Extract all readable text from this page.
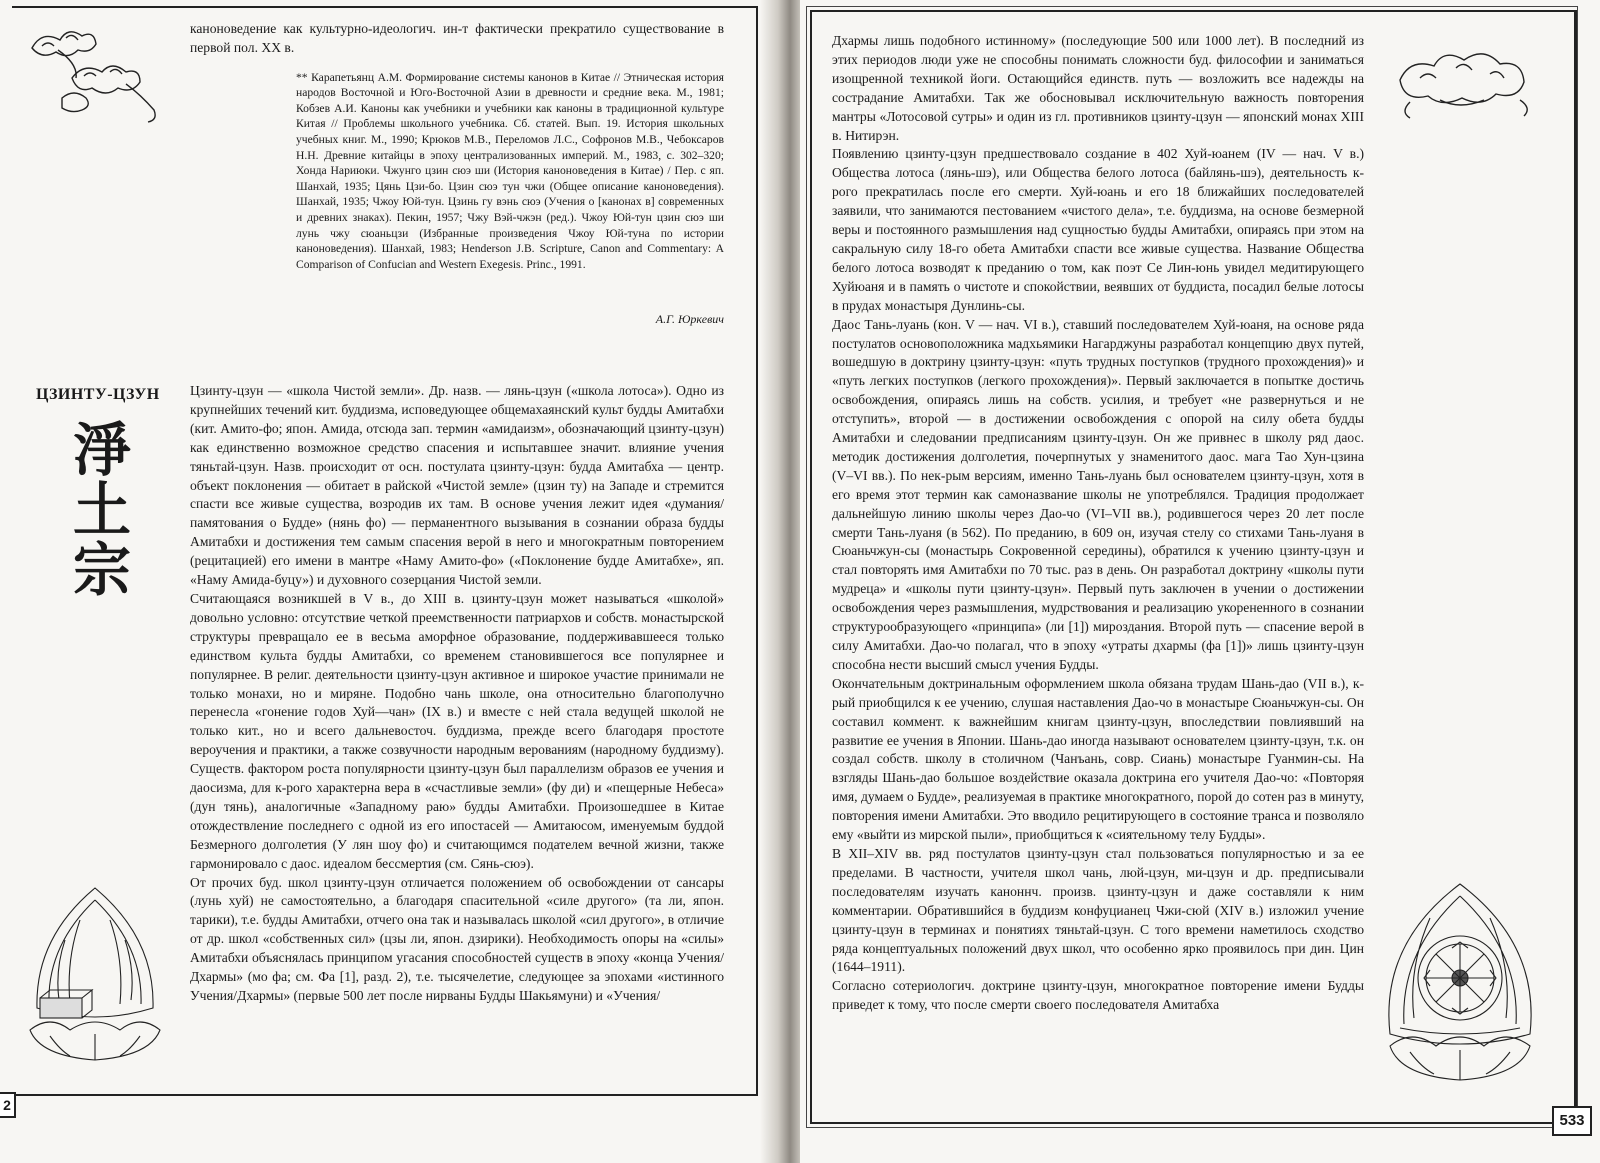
каноноведение как культурно-идеологич. ин-т фактически прекратило существование в первой пол. XX в.

** Карапетьянц А.М. Формирование системы канонов в Китае // Этническая история народов Восточной и Юго-Восточной Азии в древности и средние века. М., 1981; Кобзев А.И. Каноны как учебники и учебники как каноны в традиционной культуре Китая // Проблемы школьного учебника. Сб. статей. Вып. 19. История школьных учебных книг. М., 1990; Крюков М.В., Переломов Л.С., Софронов М.В., Чебоксаров Н.Н. Древние китайцы в эпоху централизованных империй. М., 1983, с. 302–320; Хонда Нариюки. Чжунго цзин сюэ ши (История каноноведения в Китае) / Пер. с яп. Шанхай, 1935; Цянь Цзи-бо. Цзин сюэ тун чжи (Общее описание каноноведения). Шанхай, 1935; Чжоу Юй-тун. Цзинь гу вэнь сюэ (Учения о [канонах в] современных и древних знаках). Пекин, 1957; Чжу Вэй-чжэн (ред.). Чжоу Юй-тун цзин сюэ ши лунь чжу сюаньцзи (Избранные произведения Чжоу Юй-туна по истории каноноведения). Шанхай, 1983; Henderson J.B. Scripture, Canon and Commentary: A Comparison of Confucian and Western Exegesis. Princ., 1991.

А.Г. Юркевич
ЦЗИНТУ-ЦЗУН
淨
土
宗

Цзинту-цзун — «школа Чистой земли». Др. назв. — лянь-цзун («школа лотоса»). Одно из крупнейших течений кит. буддизма, исповедующее общемахаянский культ будды Амитабхи (кит. Амито-фо; япон. Амида, отсюда зап. термин «амидаизм», обозначающий цзинту-цзун) как единственно возможное средство спасения и испытавшее значит. влияние учения тяньтай-цзун. Назв. происходит от осн. постулата цзинту-цзун: будда Амитабха — центр. объект поклонения — обитает в райской «Чистой земле» (цзин ту) на Западе и стремится спасти все живые существа, возродив их там. В основе учения лежит идея «думания/памятования о Будде» (нянь фо) — перманентного вызывания в сознании образа будды Амитабхи и достижения тем самым спасения верой в него и многократным повторением (рецитацией) его имени в мантре «Наму Амито-фо» («Поклонение будде Амитабхе», яп. «Наму Амида-буцу») и духовного созерцания Чистой земли.

Считающаяся возникшей в V в., до XIII в. цзинту-цзун может называться «школой» довольно условно: отсутствие четкой преемственности патриархов и собств. монастырской структуры превращало ее в весьма аморфное образование, поддерживавшееся только единством культа будды Амитабхи, со временем становившегося все популярнее и популярнее. В религ. деятельности цзинту-цзун активное и широкое участие принимали не только монахи, но и миряне. Подобно чань школе, она относительно благополучно перенесла «гонение годов Хуй—чан» (IX в.) и вместе с ней стала ведущей школой не только кит., но и всего дальневосточ. буддизма, прежде всего благодаря простоте вероучения и практики, а также созвучности народным верованиям (народному буддизму). Существ. фактором роста популярности цзинту-цзун был параллелизм образов ее учения и даосизма, для к-рого характерна вера в «счастливые земли» (фу ди) и «пещерные Небеса» (дун тянь), аналогичные «Западному раю» будды Амитабхи. Произошедшее в Китае отождествление последнего с одной из его ипостасей — Амитаюсом, именуемым буддой Безмерного долголетия (У лян шоу фо) и считающимся подателем вечной жизни, также гармонировало с даос. идеалом бессмертия (см. Сянь-сюэ).

От прочих буд. школ цзинту-цзун отличается положением об освобождении от сансары (лунь хуй) не самостоятельно, а благодаря спасительной «силе другого» (та ли, япон. тарики), т.е. будды Амитабхи, отчего она так и называлась школой «сил другого», в отличие от др. школ «собственных сил» (цзы ли, япон. дзирики). Необходимость опоры на «силы» Амитабхи объяснялась принципом угасания способностей существ в эпоху «конца Учения/Дхармы» (мо фа; см. Фа [1], разд. 2), т.е. тысячелетие, следующее за эпохами «истинного Учения/Дхармы» (первые 500 лет после нирваны Будды Шакьямуни) и «Учения/

2

Дхармы лишь подобного истинному» (последующие 500 или 1000 лет). В последний из этих периодов люди уже не способны понимать сложности буд. философии и заниматься изощренной техникой йоги. Остающийся единств. путь — возложить все надежды на сострадание Амитабхи. Так же обосновывал исключительную важность повторения мантры «Лотосовой сутры» и один из гл. противников цзинту-цзун — японский монах XIII в. Нитирэн.

Появлению цзинту-цзун предшествовало создание в 402 Хуй-юанем (IV — нач. V в.) Общества лотоса (лянь-шэ), или Общества белого лотоса (байлянь-шэ), деятельность к-рого прекратилась после его смерти. Хуй-юань и его 18 ближайших последователей заявили, что занимаются пестованием «чистого дела», т.е. буддизма, на основе безмерной веры и постоянного размышления над сущностью будды Амитабхи, опираясь при этом на сакральную силу 18-го обета Амитабхи спасти все живые существа. Название Общества белого лотоса возводят к преданию о том, как поэт Се Лин-юнь увидел медитирующего Хуйюаня и в память о чистоте и спокойствии, веявших от буддиста, посадил белые лотосы в прудах монастыря Дунлинь-сы.

Даос Тань-луань (кон. V — нач. VI в.), ставший последователем Хуй-юаня, на основе ряда постулатов основоположника мадхьямики Нагарджуны разработал концепцию двух путей, вошедшую в доктрину цзинту-цзун: «путь трудных поступков (трудного прохождения)» и «путь легких поступков (легкого прохождения)». Первый заключается в попытке достичь освобождения, опираясь лишь на собств. усилия, и требует «не развернуться и не отступить», второй — в достижении освобождения с опорой на силу обета будды Амитабхи и следовании предписаниям цзинту-цзун. Он же привнес в школу ряд даос. методик достижения долголетия, почерпнутых у знаменитого даос. мага Тао Хун-цзина (V–VI вв.). По нек-рым версиям, именно Тань-луань был основателем цзинту-цзун, хотя в его время этот термин как самоназвание школы не употреблялся. Традиция продолжает дальнейшую линию школы через Дао-чо (VI–VII вв.), родившегося через 20 лет после смерти Тань-луаня (в 562). По преданию, в 609 он, изучая стелу со стихами Тань-луаня в Сюаньчжун-сы (монастырь Сокровенной середины), обратился к учению цзинту-цзун и стал повторять имя Амитабхи по 70 тыс. раз в день. Он разработал доктрину «школы пути мудреца» и «школы пути цзинту-цзун». Первый путь заключен в учении о достижении освобождения через размышления, мудрствования и реализацию укорененного в сознании структурообразующего «принципа» (ли [1]) мироздания. Второй путь — спасение верой в силу Амитабхи. Дао-чо полагал, что в эпоху «утраты дхармы (фа [1])» лишь цзинту-цзун способна нести высший смысл учения Будды.

Окончательным доктринальным оформлением школа обязана трудам Шань-дао (VII в.), к-рый приобщился к ее учению, слушая наставления Дао-чо в монастыре Сюаньчжун-сы. Он составил коммент. к важнейшим книгам цзинту-цзун, впоследствии повлиявший на развитие ее учения в Японии. Шань-дао иногда называют основателем цзинту-цзун, т.к. он создал собств. школу в столичном (Чанъань, совр. Сиань) монастыре Гуанмин-сы. На взгляды Шань-дао большое воздействие оказала доктрина его учителя Дао-чо: «Повторяя имя, думаем о Будде», реализуемая в практике многократного, порой до сотен раз в минуту, повторения имени Амитабхи. Это вводило рецитирующего в состояние транса и позволяло ему «выйти из мирской пыли», приобщиться к «сиятельному телу Будды».

В XII–XIV вв. ряд постулатов цзинту-цзун стал пользоваться популярностью и за ее пределами. В частности, учителя школ чань, люй-цзун, ми-цзун и др. предписывали последователям изучать каноннч. произв. цзинту-цзун и даже составляли к ним комментарии. Обратившийся в буддизм конфуцианец Чжи-сюй (XIV в.) изложил учение цзинту-цзун в терминах и понятиях тяньтай-цзун. С того времени наметилось сходство ряда концептуальных положений двух школ, что особенно ярко проявилось при дин. Цин (1644–1911).

Согласно сотериологич. доктрине цзинту-цзун, многократное повторение имени Будды приведет к тому, что после смерти своего последователя Амитабха

533
